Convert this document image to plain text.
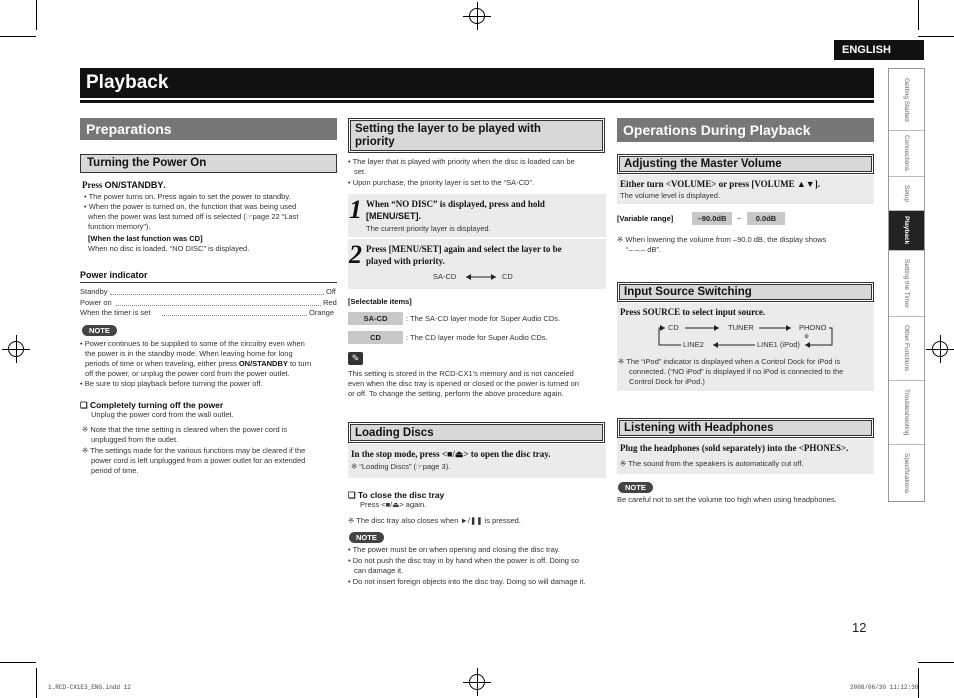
ENGLISH
Playback	Getting Started
Connections
Setup
Playback
Setting the Timer
Other Functions
Troubleshooting
Specifications
Preparations
Turning the Power On
Press ON/STANDBY.
• The power turns on. Press again to set the power to standby.
• When the power is turned on, the function that was being used
when the power was last turned off is selected (☞page 22 “Last
function memory”).
[When the last function was CD]
When no disc is loaded, “NO DISC” is displayed.
Power indicator
Standby	Off
Power on	Red
When the timer is set	Orange
NOTE
• Power continues to be supplied to some of the circuitry even when
the power is in the standby mode. When leaving home for long
periods of time or when traveling, either press ON/STANDBY to turn
off the power, or unplug the power cord from the power outlet.
• Be sure to stop playback before turning the power off.
❑ Completely turning off the power
Unplug the power cord from the wall outlet.
※ Note that the time setting is cleared when the power cord is
unplugged from the outlet.
※ The settings made for the various functions may be cleared if the
power cord is left unplugged from a power outlet for an extended
period of time.
Setting the layer to be played with
priority
• The layer that is played with priority when the disc is loaded can be
set.
• Upon purchase, the priority layer is set to the “SA-CD”.
1 When “NO DISC” is displayed, press and hold
[MENU/SET].
The current priority layer is displayed.
2 Press [MENU/SET] again and select the layer to be
played with priority.
SA-CD	CD
[Selectable items]
SA-CD	: The SA-CD layer mode for Super Audio CDs.
CD	: The CD layer mode for Super Audio CDs.
✎
This setting is stored in the RCD-CX1’s memory and is not canceled
even when the disc tray is opened or closed or the power is turned on
or off. To change the setting, perform the above procedure again.
Loading Discs
In the stop mode, press <■/⏏> to open the disc tray.
※ “Loading Discs” (☞page 3).
❑ To close the disc tray
Press <■/⏏> again.
※ The disc tray also closes when ►/❚❚ is pressed.
NOTE
• The power must be on when opening and closing the disc tray.
• Do not push the disc tray in by hand when the power is off. Doing so
can damage it.
• Do not insert foreign objects into the disc tray. Doing so will damage it.
Operations During Playback
Adjusting the Master Volume
Either turn <VOLUME> or press [VOLUME ▲▼].
The volume level is displayed.
[Variable range]	–90.0dB	~	0.0dB
※ When lowering the volume from –90.0 dB, the display shows
“– –.– dB”.
Input Source Switching
Press SOURCE to select input source.
CD	TUNER	PHONO
LINE2	LINE1 (iPod)
※
※ The “iPod” indicator is displayed when a Control Dock for iPod is
connected. (“NO iPod” is displayed if no iPod is connected to the
Control Dock for iPod.)
Listening with Headphones
Plug the headphones (sold separately) into the <PHONES>.
※ The sound from the speakers is automatically cut off.
NOTE
Be careful not to set the volume too high when using headphones.
12
1.RCD-CX1E3_ENG.indd 12	2008/06/30 11:12:38
